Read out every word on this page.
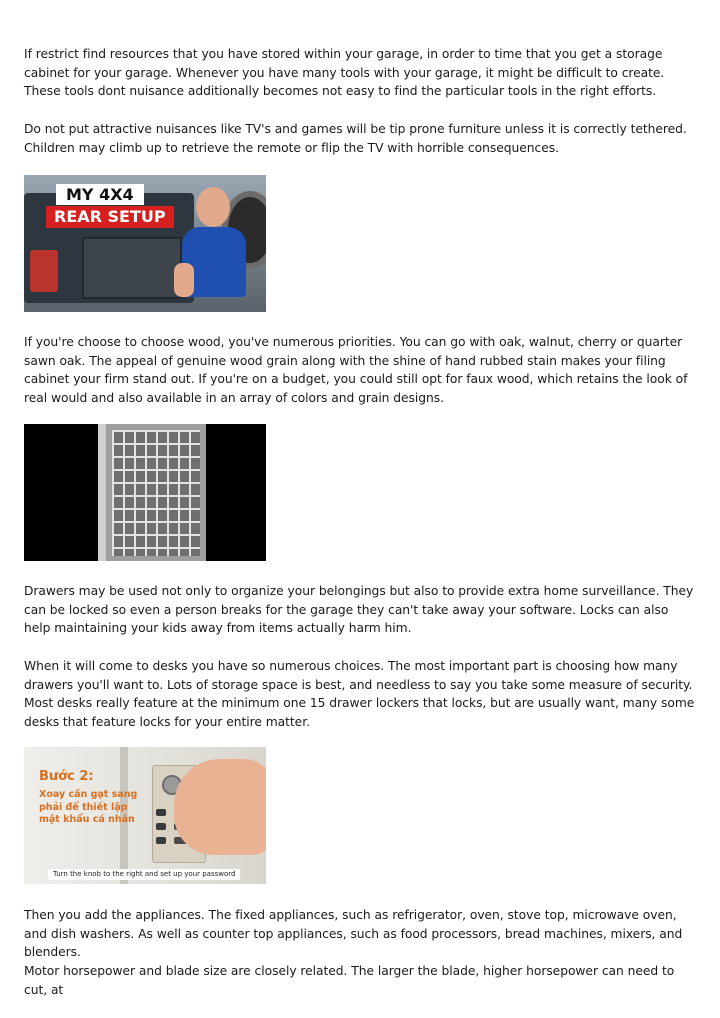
If restrict find resources that you have stored within your garage, in order to time that you get a storage cabinet for your garage. Whenever you have many tools with your garage, it might be difficult to create. These tools dont nuisance additionally becomes not easy to find the particular tools in the right efforts.

Do not put attractive nuisances like TV's and games will be tip prone furniture unless it is correctly tethered. Children may climb up to retrieve the remote or flip the TV with horrible consequences.

MY 4X4
REAR SETUP

If you're choose to choose wood, you've numerous priorities. You can go with oak, walnut, cherry or quarter sawn oak. The appeal of genuine wood grain along with the shine of hand rubbed stain makes your filing cabinet your firm stand out. If you're on a budget, you could still opt for faux wood, which retains the look of real would and also available in an array of colors and grain designs.

Drawers may be used not only to organize your belongings but also to provide extra home surveillance. They can be locked so even a person breaks for the garage they can't take away your software. Locks can also help maintaining your kids away from items actually harm him.

When it will come to desks you have so numerous choices. The most important part is choosing how many drawers you'll want to. Lots of storage space is best, and needless to say you take some measure of security. Most desks really feature at the minimum one 15 drawer lockers that locks, but are usually want, many some desks that feature locks for your entire matter.

Bước 2:
Xoay cần gạt sang phải để thiết lập mật khẩu cá nhân
Turn the knob to the right and set up your password

Then you add the appliances. The fixed appliances, such as refrigerator, oven, stove top, microwave oven, and dish washers. As well as counter top appliances, such as food processors, bread machines, mixers, and blenders.

Motor horsepower and blade size are closely related. The larger the blade, higher horsepower can need to cut, at
